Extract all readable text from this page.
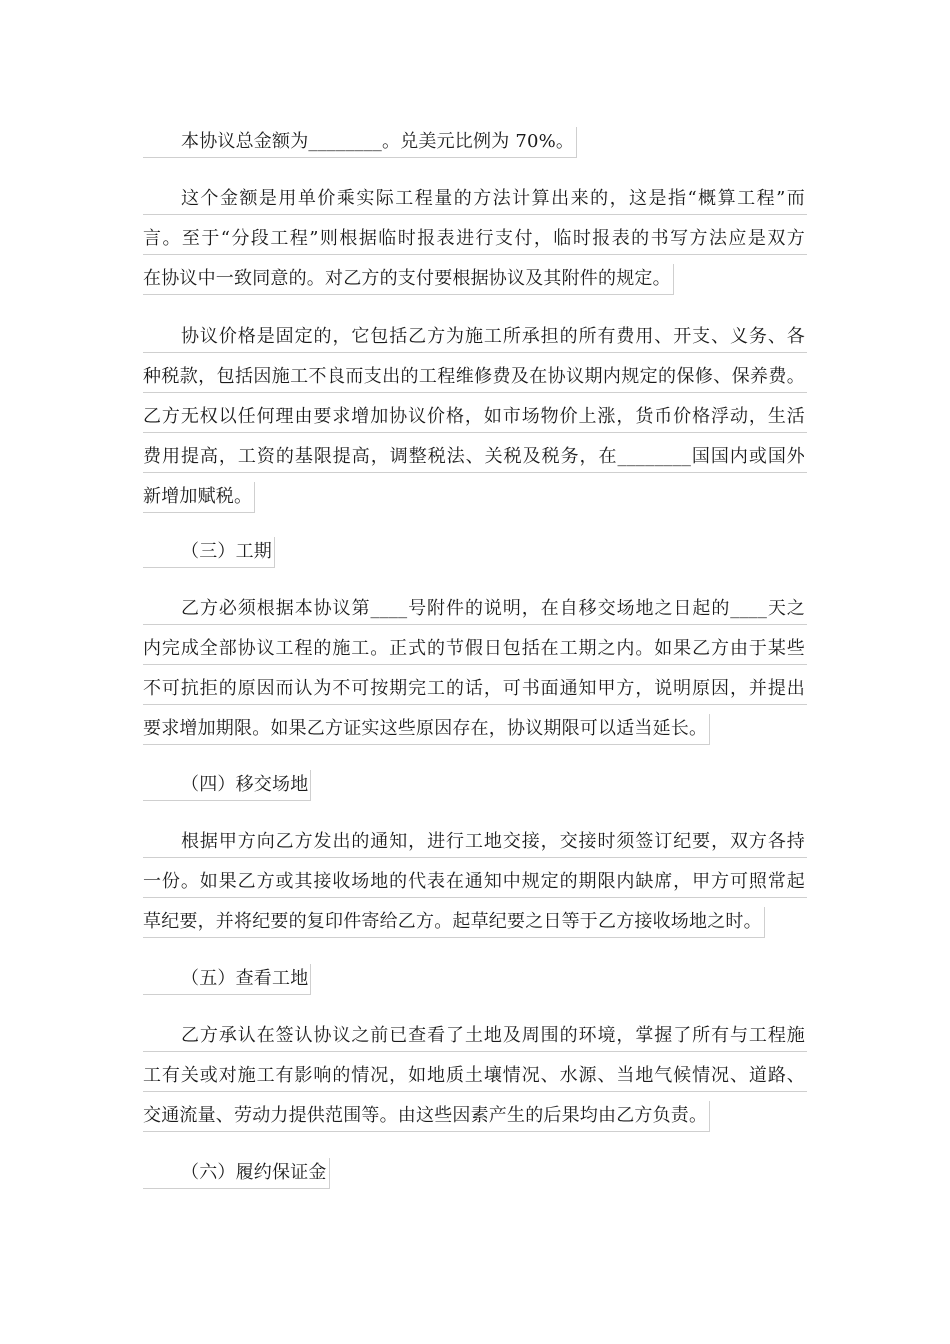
本协议总金额为________。兑美元比例为 70%。
这个金额是用单价乘实际工程量的方法计算出来的，这是指“概算工程”而
言。至于“分段工程”则根据临时报表进行支付，临时报表的书写方法应是双方
在协议中一致同意的。对乙方的支付要根据协议及其附件的规定。
协议价格是固定的，它包括乙方为施工所承担的所有费用、开支、义务、各
种税款，包括因施工不良而支出的工程维修费及在协议期内规定的保修、保养费。
乙方无权以任何理由要求增加协议价格，如市场物价上涨，货币价格浮动，生活
费用提高，工资的基限提高，调整税法、关税及税务，在________国国内或国外
新增加赋税。
（三）工期
乙方必须根据本协议第____号附件的说明，在自移交场地之日起的____天之
内完成全部协议工程的施工。正式的节假日包括在工期之内。如果乙方由于某些
不可抗拒的原因而认为不可按期完工的话，可书面通知甲方，说明原因，并提出
要求增加期限。如果乙方证实这些原因存在，协议期限可以适当延长。
（四）移交场地
根据甲方向乙方发出的通知，进行工地交接，交接时须签订纪要，双方各持
一份。如果乙方或其接收场地的代表在通知中规定的期限内缺席，甲方可照常起
草纪要，并将纪要的复印件寄给乙方。起草纪要之日等于乙方接收场地之时。
（五）查看工地
乙方承认在签认协议之前已查看了土地及周围的环境，掌握了所有与工程施
工有关或对施工有影响的情况，如地质土壤情况、水源、当地气候情况、道路、
交通流量、劳动力提供范围等。由这些因素产生的后果均由乙方负责。
（六）履约保证金
